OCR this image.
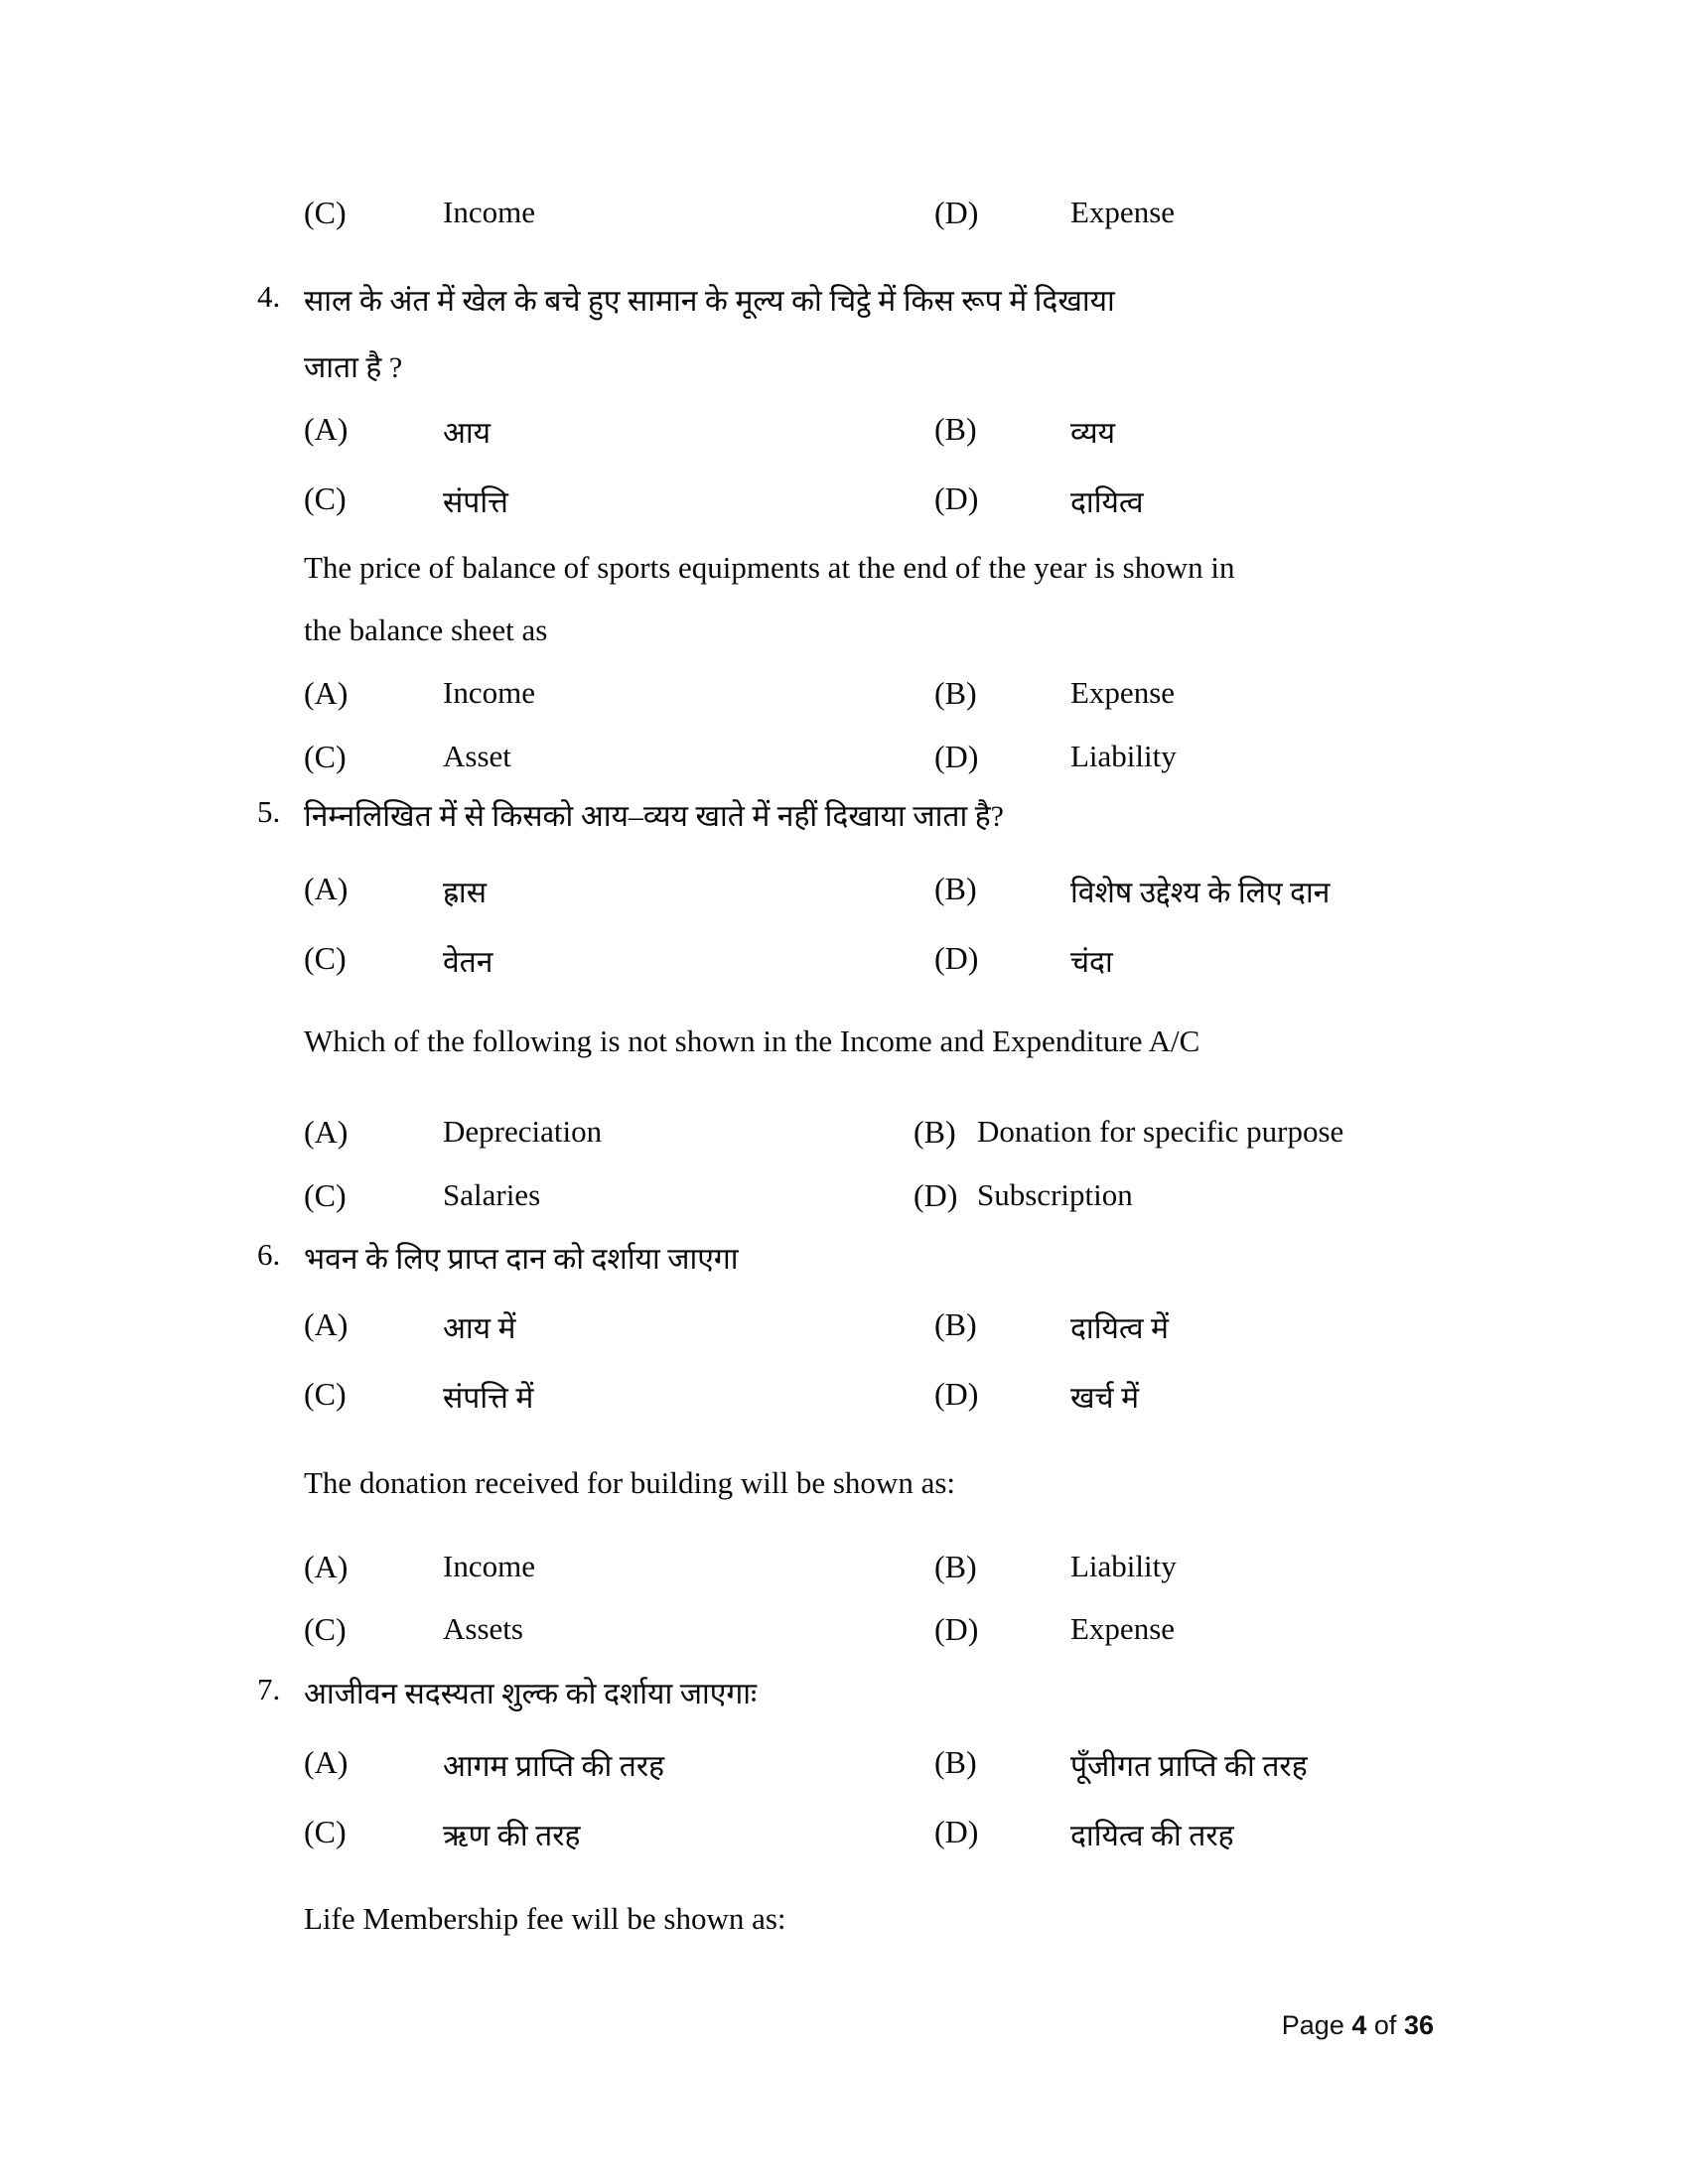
(C)	Income	(D)	Expense
4. साल के अंत में खेल के बचे हुए सामान के मूल्य को चिट्ठे में किस रूप में दिखाया
जाता है ?
(A)	आय	(B)	व्यय
(C)	संपत्ति	(D)	दायित्व
The price of balance of sports equipments at the end of the year is shown in
the balance sheet as
(A)	Income	(B)	Expense
(C)	Asset	(D)	Liability
5. निम्नलिखित में से किसको आय–व्यय खाते में नहीं दिखाया जाता है?
(A)	ह्रास	(B)	विशेष उद्देश्य के लिए दान
(C)	वेतन	(D)	चंदा
Which of the following is not shown in the Income and Expenditure A/C
(A)	Depreciation	(B) Donation for specific purpose
(C)	Salaries	(D) Subscription
6. भवन के लिए प्राप्त दान को दर्शाया जाएगा
(A)	आय में	(B)	दायित्व में
(C)	संपत्ति में	(D)	खर्च में
The donation received for building will be shown as:
(A)	Income	(B)	Liability
(C)	Assets	(D)	Expense
7. आजीवन सदस्यता शुल्क को दर्शाया जाएगाः
(A)	आगम प्राप्ति की तरह	(B)	पूँजीगत प्राप्ति की तरह
(C)	ऋण की तरह	(D)	दायित्व की तरह
Life Membership fee will be shown as:
Page 4 of 36
